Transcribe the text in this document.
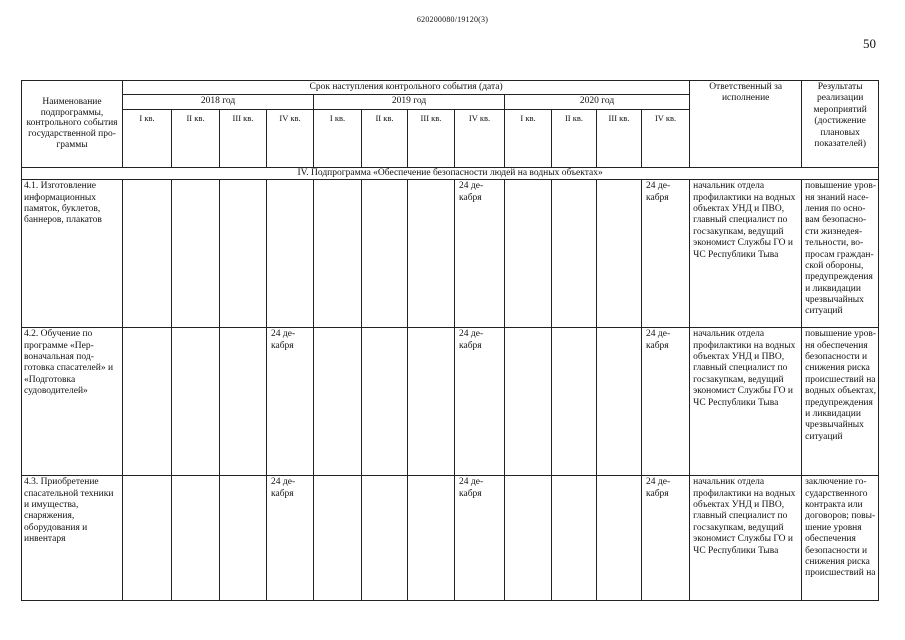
620200080/19120(3)
50
Наименование подпрограммы, контрольного события государственной программы	Срок наступления контрольного события (дата)												Ответственный за исполнение	Результаты реализации мероприятий (достижение плановых показателей)
	2018 год				2019 год				2020 год					
	I кв.	II кв.	III кв.	IV кв.	I кв.	II кв.	III кв.	IV кв.	I кв.	II кв.	III кв.	IV кв.		
IV. Подпрограмма «Обеспечение безопасности людей на водных объектах»														
4.1. Изготовление информационных памяток, буклетов, баннеров, плакатов								24 декабря				24 декабря	начальник отдела профилактики на водных объектах УНД и ПВО, главный специалист по госзакупкам, ведущий экономист Службы ГО и ЧС Республики Тыва	повышение уровня знаний населения по основам безопасности жизнедеятельности, вопросам гражданской обороны, предупреждения и ликвидации чрезвычайных ситуаций
4.2. Обучение по программе «Первоначальная подготовка спасателей» и «Подготовка судоводителей»				24 декабря				24 декабря				24 декабря	начальник отдела профилактики на водных объектах УНД и ПВО, главный специалист по госзакупкам, ведущий экономист Службы ГО и ЧС Республики Тыва	повышение уровня обеспечения безопасности и снижения риска происшествий на водных объектах, предупреждения и ликвидации чрезвычайных ситуаций
4.3. Приобретение спасательной техники и имущества, снаряжения, оборудования и инвентаря				24 декабря				24 декабря				24 декабря	начальник отдела профилактики на водных объектах УНД и ПВО, главный специалист по госзакупкам, ведущий экономист Службы ГО и ЧС Республики Тыва	заключение государственного контракта или договоров; повышение уровня обеспечения безопасности и снижения риска происшествий на
